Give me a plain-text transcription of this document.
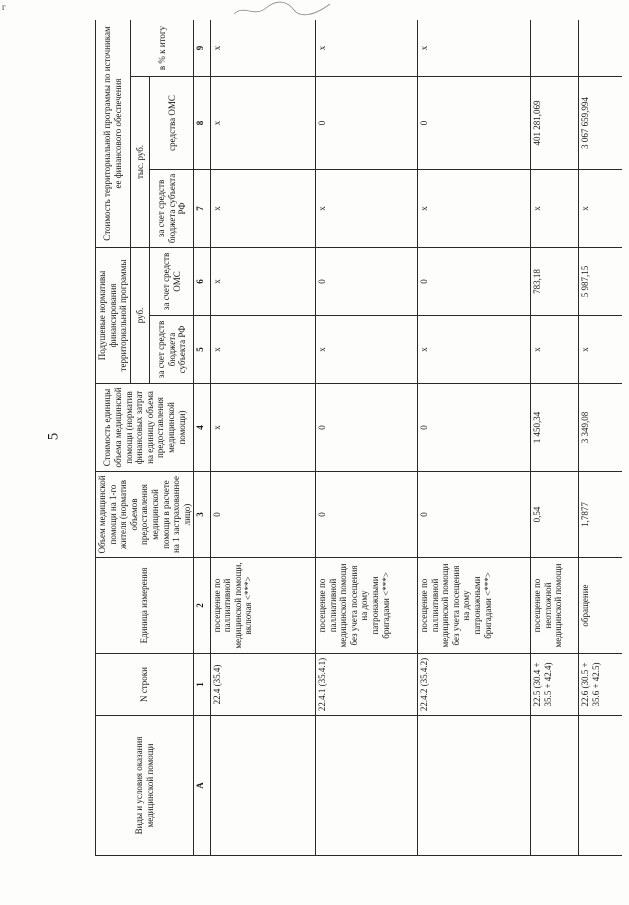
г
5
Виды и условия оказания медицинской помощи	N строки	Единица измерения	Объем медицинской помощи на 1-го жителя (норматив объемов предоставления медицинской помощи в расчете на 1 застрахованное лицо)	Стоимость единицы объема медицинской помощи (норматив финансовых затрат на единицу объема предоставления медицинской помощи)	Подушевые нормативы финансирования территориальной программы		Стоимость территориальной программы по источникам ее финансового обеспечения		
					руб.		тыс. руб.		в % к итогу
					за счет средств бюджета субъекта РФ	за счет средств ОМС	за счет средств бюджета субъекта РФ	средства ОМС	
А	1	2	3	4	5	6	7	8	9
	22.4 (35.4)	посещение по паллиативной медицинской помощи, включая <***>	0	х	х	х	х	х	х
	22.4.1 (35.4.1)	посещение по паллиативной медицинской помощи без учета посещения на дому патронажными бригадами <***>	0	0	х	0	х	0	х
	22.4.2 (35.4.2)	посещение по паллиативной медицинской помощи без учета посещения на дому патронажными бригадами <***>	0	0	х	0	х	0	х
	22.5 (30.4 + 35.5 + 42.4)	посещение по неотложной медицинской помощи	0,54	1 450,34	х	783,18	х	401 281,069	
	22.6 (30.5 + 35.6 + 42.5)	обращение	1,7877	3 349,08	х	5 987,15	х	3 067 659,994	
